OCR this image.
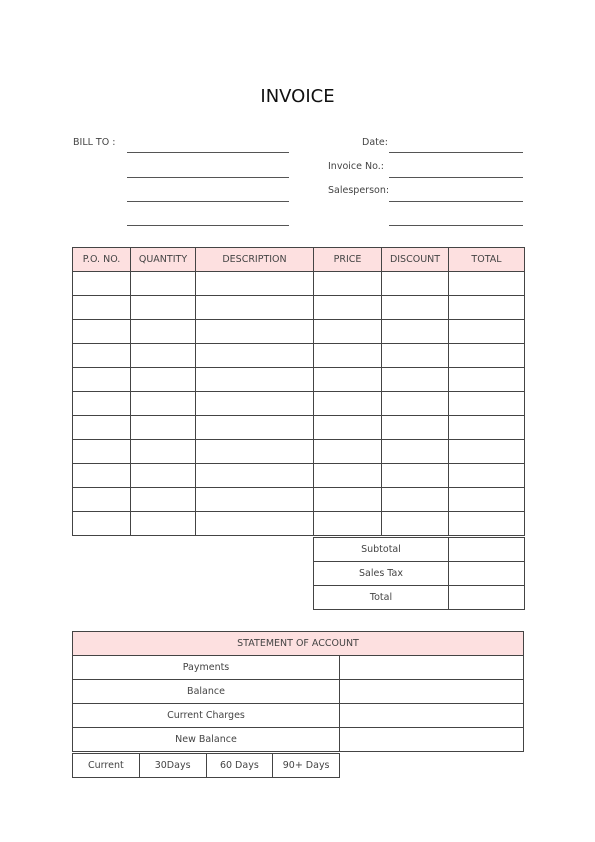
INVOICE
BILL TO :	Date:
Invoice No.:
Salesperson:
P.O. NO.	QUANTITY	DESCRIPTION	PRICE	DISCOUNT	TOTAL

Subtotal	
Sales Tax	
Total	
STATEMENT OF ACCOUNT	
Payments	
Balance	
Current Charges	
New Balance	
Current	30Days	60 Days	90+ Days
